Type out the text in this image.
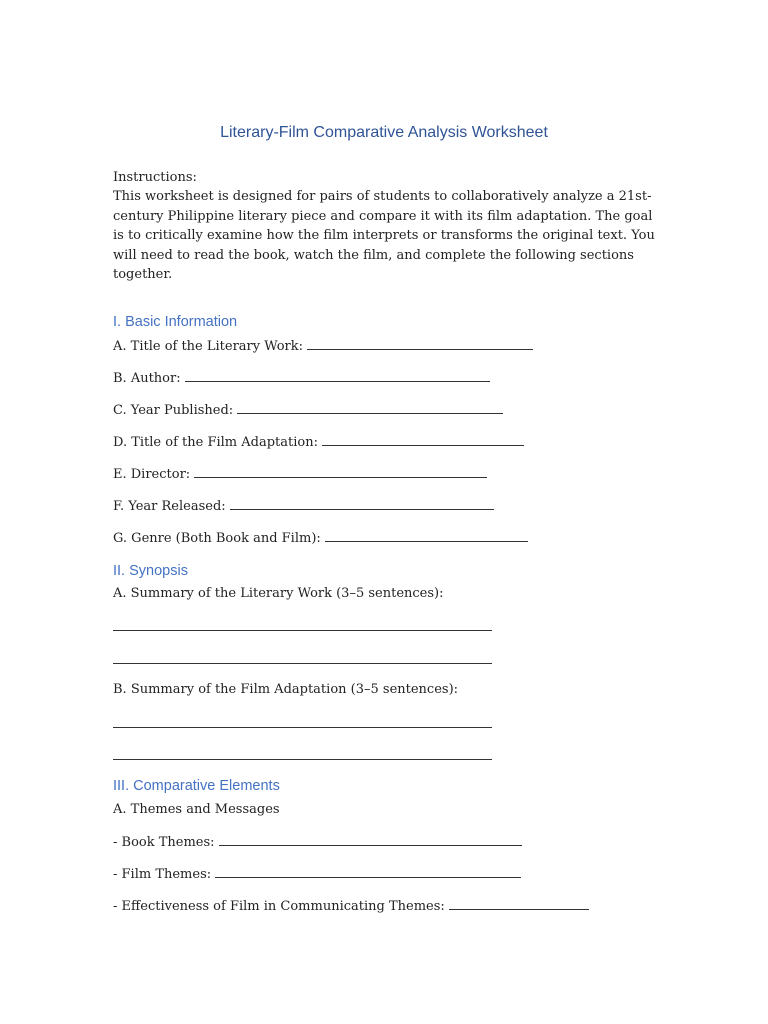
Literary-Film Comparative Analysis Worksheet

Instructions:

This worksheet is designed for pairs of students to collaboratively analyze a 21st-century Philippine literary piece and compare it with its film adaptation. The goal is to critically examine how the film interprets or transforms the original text. You will need to read the book, watch the film, and complete the following sections together.

I. Basic Information
A. Title of the Literary Work:
B. Author:
C. Year Published:
D. Title of the Film Adaptation:
E. Director:
F. Year Released:
G. Genre (Both Book and Film):
II. Synopsis
A. Summary of the Literary Work (3–5 sentences):
B. Summary of the Film Adaptation (3–5 sentences):
III. Comparative Elements
A. Themes and Messages
- Book Themes:
- Film Themes:
- Effectiveness of Film in Communicating Themes:
